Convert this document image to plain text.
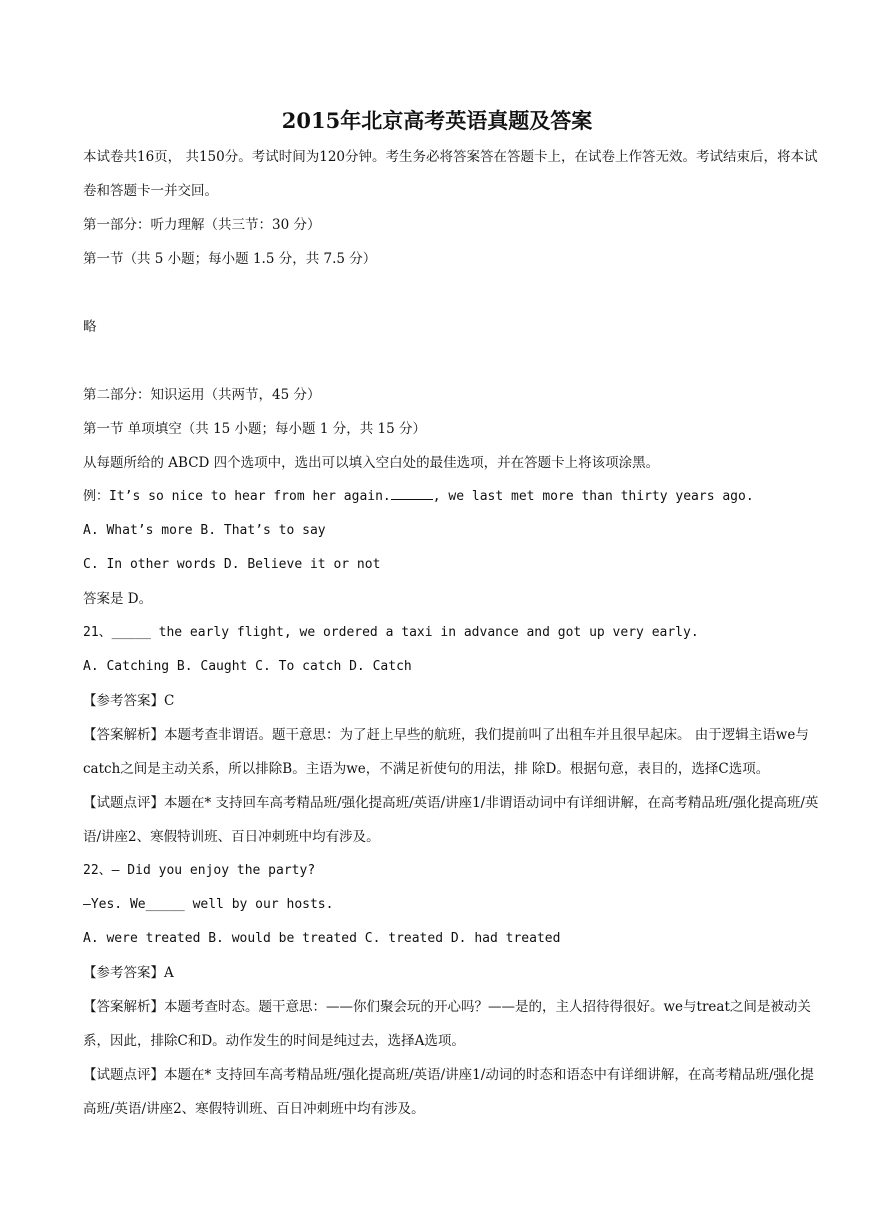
2015年北京高考英语真题及答案
本试卷共16页， 共150分。考试时间为120分钟。考生务必将答案答在答题卡上，在试卷上作答无效。考试结束后，将本试卷和答题卡一并交回。
第一部分：听力理解（共三节：30 分）
第一节（共 5 小题；每小题 1.5 分，共 7.5 分）
略
第二部分：知识运用（共两节，45 分）
第一节 单项填空（共 15 小题；每小题 1 分，共 15 分）
从每题所给的 ABCD 四个选项中，选出可以填入空白处的最佳选项，并在答题卡上将该项涂黑。
例：It’s so nice to hear from her again.	, we last met more than thirty years ago.
A. What’s more B. That’s to say
C. In other words D. Believe it or not
答案是 D。
21、_____ the early flight, we ordered a taxi in advance and got up very early.
A. Catching B. Caught C. To catch D. Catch
【参考答案】C
【答案解析】本题考查非谓语。题干意思：为了赶上早些的航班，我们提前叫了出租车并且很早起床。 由于逻辑主语we与catch之间是主动关系，所以排除B。主语为we，不满足祈使句的用法，排 除D。根据句意，表目的，选择C选项。
【试题点评】本题在* 支持回车高考精品班/强化提高班/英语/讲座1/非谓语动词中有详细讲解，在高考精品班/强化提高班/英语/讲座2、寒假特训班、百日冲刺班中均有涉及。
22、— Did you enjoy the party?
—Yes. We_____ well by our hosts.
A. were treated B. would be treated C. treated D. had treated
【参考答案】A
【答案解析】本题考查时态。题干意思：——你们聚会玩的开心吗？——是的，主人招待得很好。we与treat之间是被动关系，因此，排除C和D。动作发生的时间是纯过去，选择A选项。
【试题点评】本题在* 支持回车高考精品班/强化提高班/英语/讲座1/动词的时态和语态中有详细讲解，在高考精品班/强化提高班/英语/讲座2、寒假特训班、百日冲刺班中均有涉及。
